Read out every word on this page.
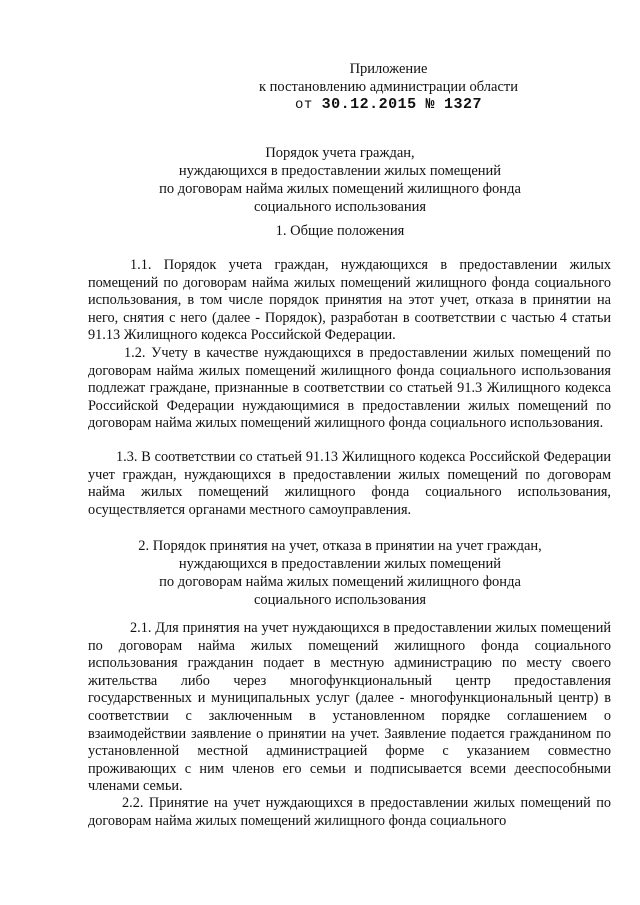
Приложение
к постановлению администрации области
от 30.12.2015 № 1327
Порядок учета граждан,
нуждающихся в предоставлении жилых помещений
по договорам найма жилых помещений жилищного фонда
социального использования
1. Общие положения
1.1. Порядок учета граждан, нуждающихся в предоставлении жилых помещений по договорам найма жилых помещений жилищного фонда социального использования, в том числе порядок принятия на этот учет, отказа в принятии на него, снятия с него (далее - Порядок), разработан в соответствии с частью 4 статьи 91.13 Жилищного кодекса Российской Федерации.
1.2. Учету в качестве нуждающихся в предоставлении жилых помещений по договорам найма жилых помещений жилищного фонда социального использования подлежат граждане, признанные в соответствии со статьей 91.3 Жилищного кодекса Российской Федерации нуждающимися в предоставлении жилых помещений по договорам найма жилых помещений жилищного фонда социального использования.
1.3. В соответствии со статьей 91.13 Жилищного кодекса Российской Федерации учет граждан, нуждающихся в предоставлении жилых помещений по договорам найма жилых помещений жилищного фонда социального использования, осуществляется органами местного самоуправления.
2. Порядок принятия на учет, отказа в принятии на учет граждан,
нуждающихся в предоставлении жилых помещений
по договорам найма жилых помещений жилищного фонда
социального использования
2.1. Для принятия на учет нуждающихся в предоставлении жилых помещений по договорам найма жилых помещений жилищного фонда социального использования гражданин подает в местную администрацию по месту своего жительства либо через многофункциональный центр предоставления государственных и муниципальных услуг (далее - многофункциональный центр) в соответствии с заключенным в установленном порядке соглашением о взаимодействии заявление о принятии на учет. Заявление подается гражданином по установленной местной администрацией форме с указанием совместно проживающих с ним членов его семьи и подписывается всеми дееспособными членами семьи.
2.2. Принятие на учет нуждающихся в предоставлении жилых помещений по договорам найма жилых помещений жилищного фонда социального
